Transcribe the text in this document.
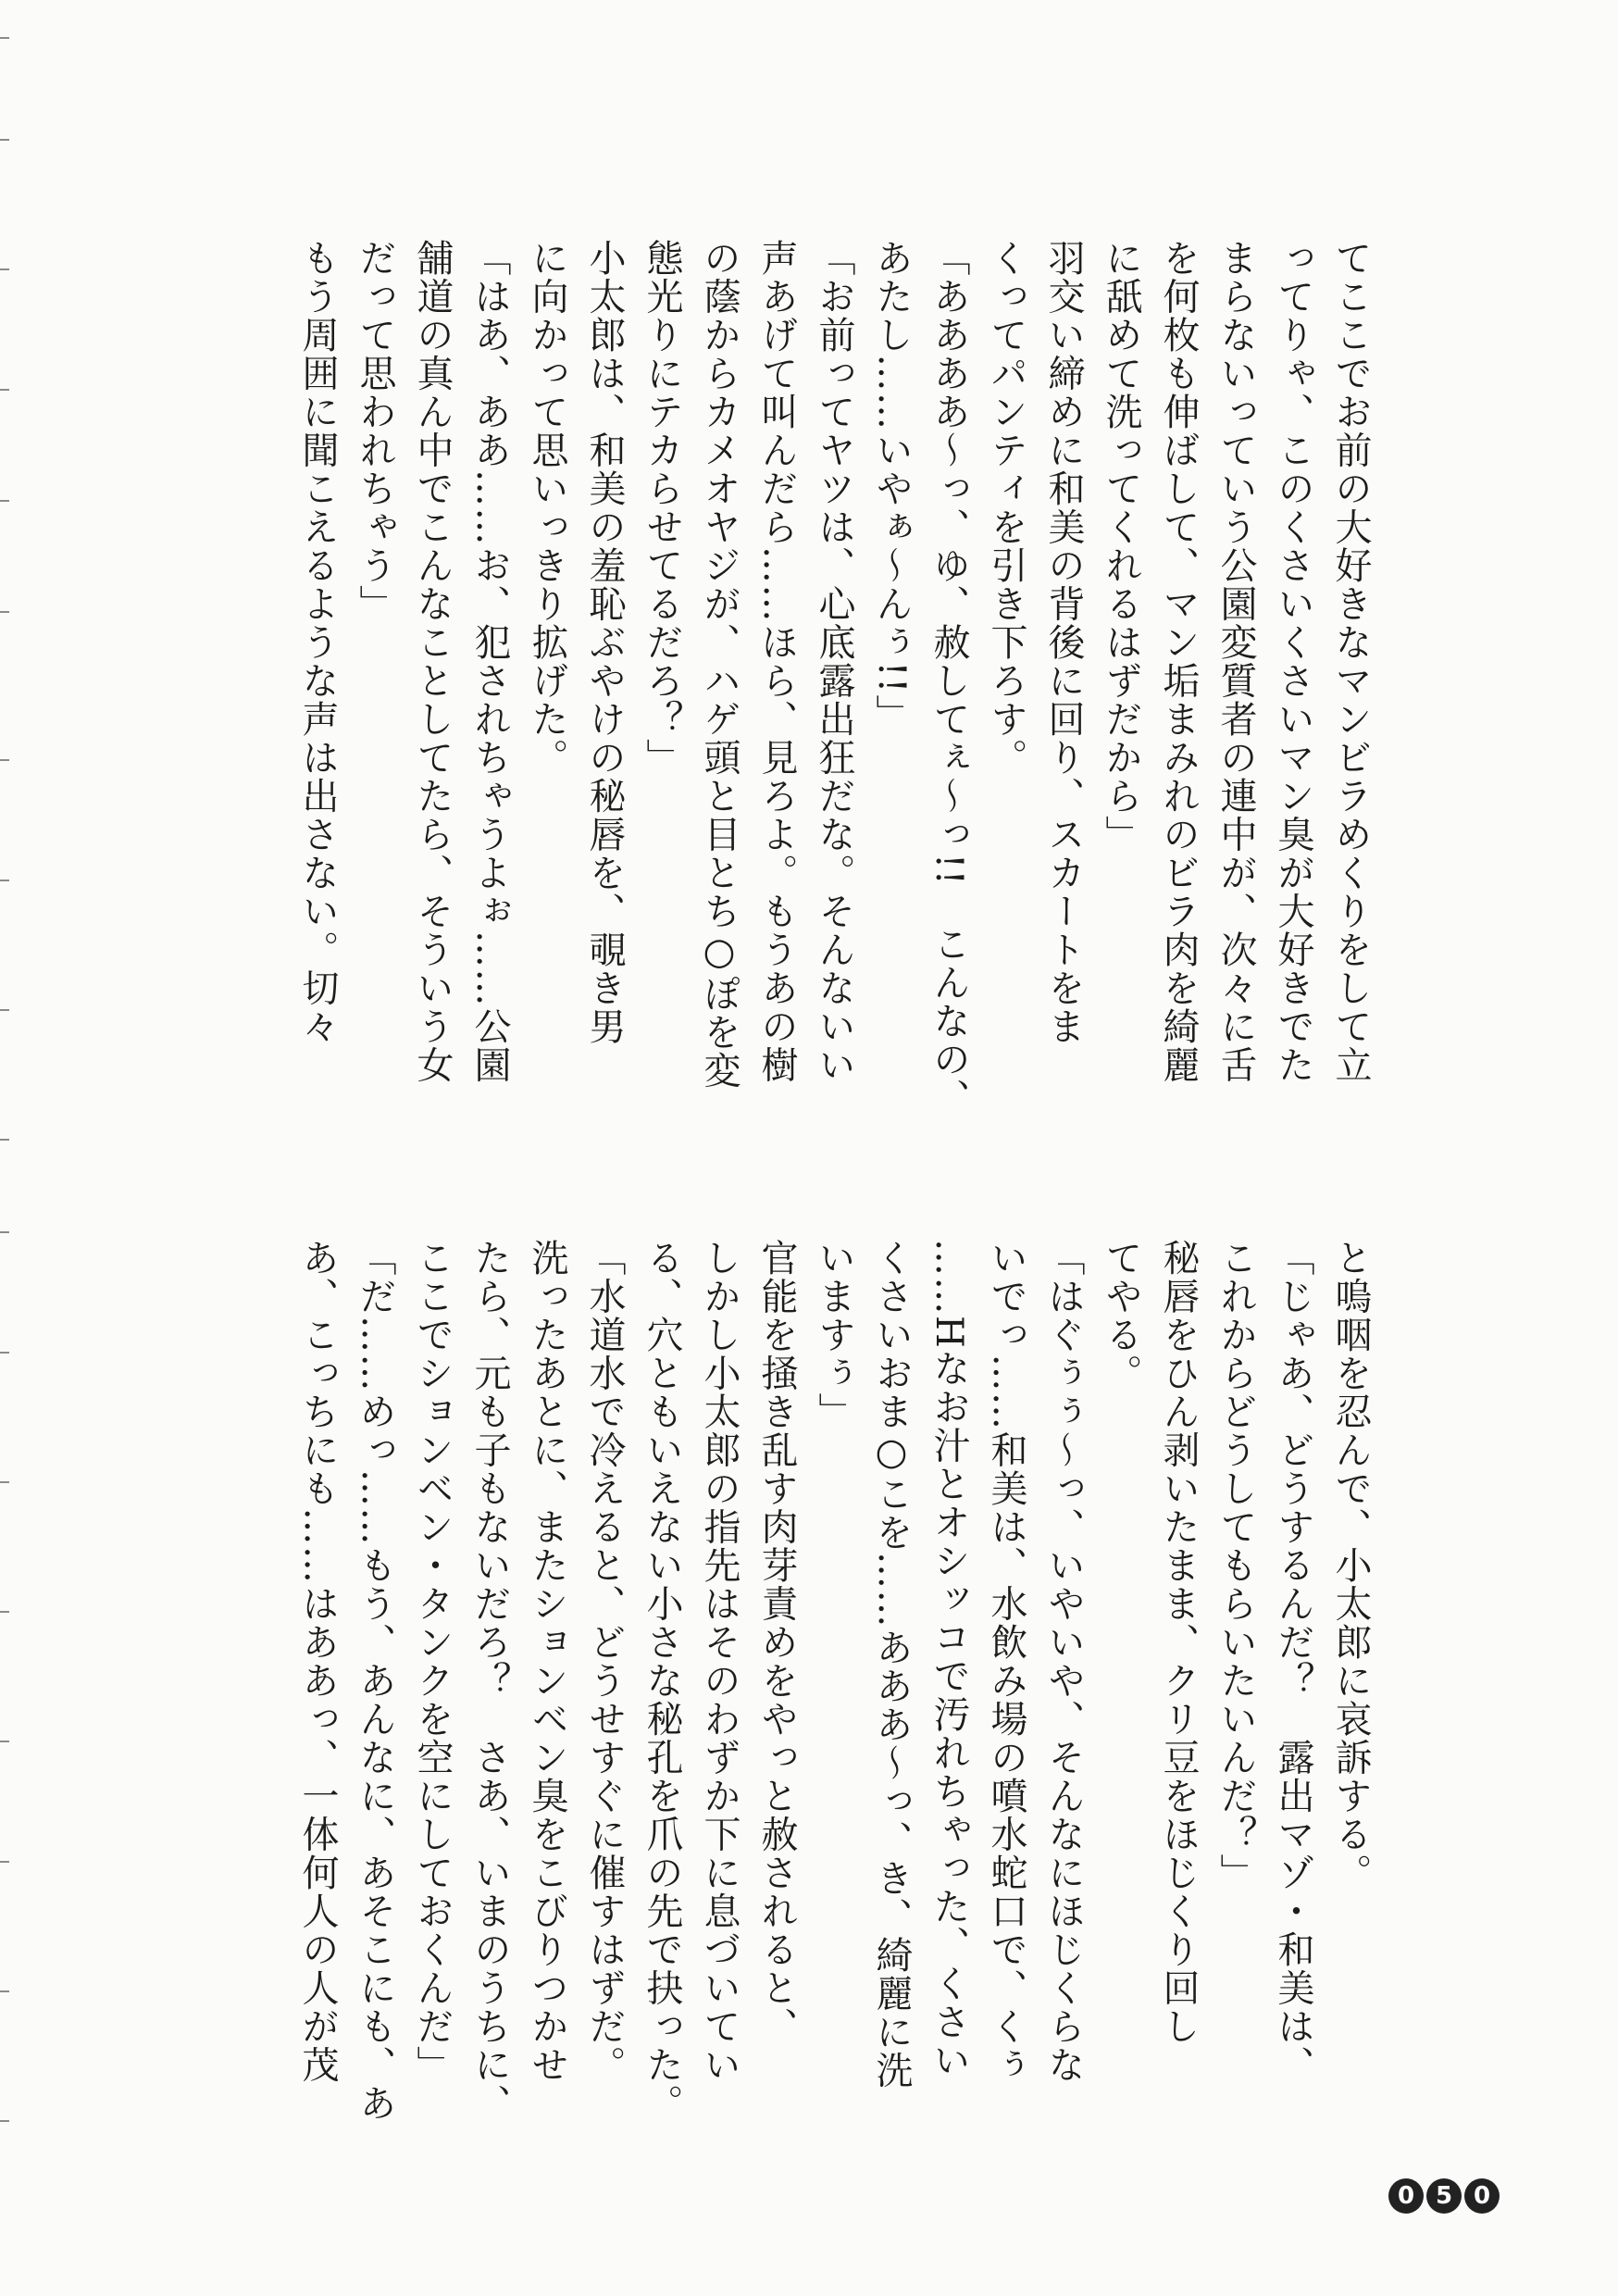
てここでお前の大好きなマンビラめくりをして立
ってりゃ、このくさいくさいマン臭が大好きでた
まらないっていう公園変質者の連中が、次々に舌
を何枚も伸ばして、マン垢まみれのビラ肉を綺麗
に舐めて洗ってくれるはずだから」
羽交い締めに和美の背後に回り、スカートをま
くってパンティを引き下ろす。
「ああああ～っ、ゆ、赦してぇ～っ!!　こんなの、
あたし……いやぁ～んぅ!!」
「お前ってヤツは、心底露出狂だな。そんないい
声あげて叫んだら……ほら、見ろよ。もうあの樹
の蔭からカメオヤジが、ハゲ頭と目とち○ぽを変
態光りにテカらせてるだろ？」
小太郎は、和美の羞恥ぶやけの秘唇を、覗き男
に向かって思いっきり拡げた。
「はあ、ああ……お、犯されちゃうよぉ……公園
舗道の真ん中でこんなことしてたら、そういう女
だって思われちゃう」
もう周囲に聞こえるような声は出さない。切々
と嗚咽を忍んで、小太郎に哀訴する。
「じゃあ、どうするんだ？　露出マゾ・和美は、
これからどうしてもらいたいんだ？」
秘唇をひん剥いたまま、クリ豆をほじくり回し
てやる。
「はぐぅぅ～っ、いやいや、そんなにほじくらな
いでっ……和美は、水飲み場の噴水蛇口で、くぅ
……Hなお汁とオシッコで汚れちゃった、くさい
くさいおま○こを……あああ～っ、き、綺麗に洗
いますぅ」
官能を掻き乱す肉芽責めをやっと赦されると、
しかし小太郎の指先はそのわずか下に息づいてい
る、穴ともいえない小さな秘孔を爪の先で抉った。
「水道水で冷えると、どうせすぐに催すはずだ。
洗ったあとに、またションベン臭をこびりつかせ
たら、元も子もないだろ？　さあ、いまのうちに、
ここでションベン・タンクを空にしておくんだ」
「だ……めっ……もう、あんなに、あそこにも、あ
あ、こっちにも……はああっ、一体何人の人が茂
0 5 0
